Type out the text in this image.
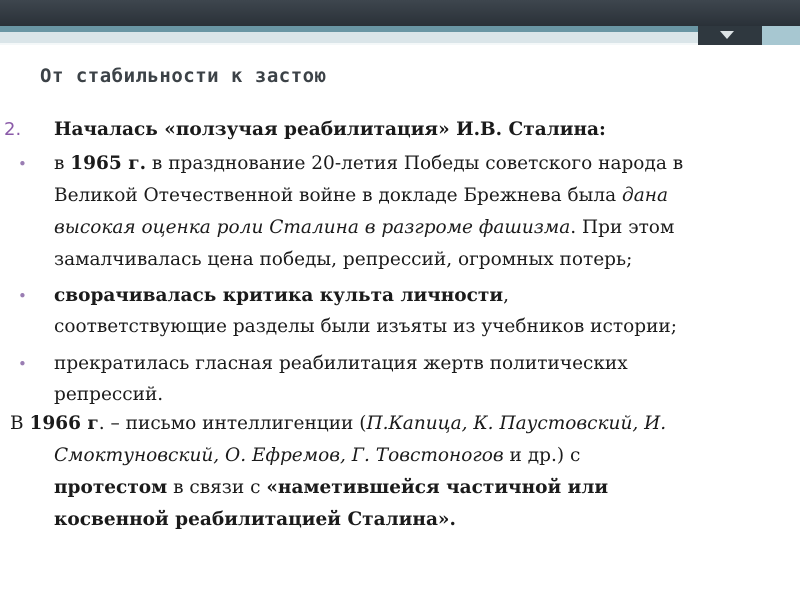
От стабильности к застою
2. Началась «ползучая реабилитация» И.В. Сталина:
• в 1965 г. в празднование 20-летия Победы советского народа в
Великой Отечественной войне в докладе Брежнева была дана
высокая оценка роли Сталина в разгроме фашизма. При этом
замалчивалась цена победы, репрессий, огромных потерь;
• сворачивалась критика культа личности,
соответствующие разделы были изъяты из учебников истории;
• прекратилась гласная реабилитация жертв политических
репрессий.
В 1966 г. – письмо интеллигенции (П.Капица, К. Паустовский, И.
Смоктуновский, О. Ефремов, Г. Товстоногов и др.) с
протестом в связи с «наметившейся частичной или
косвенной реабилитацией Сталина».
